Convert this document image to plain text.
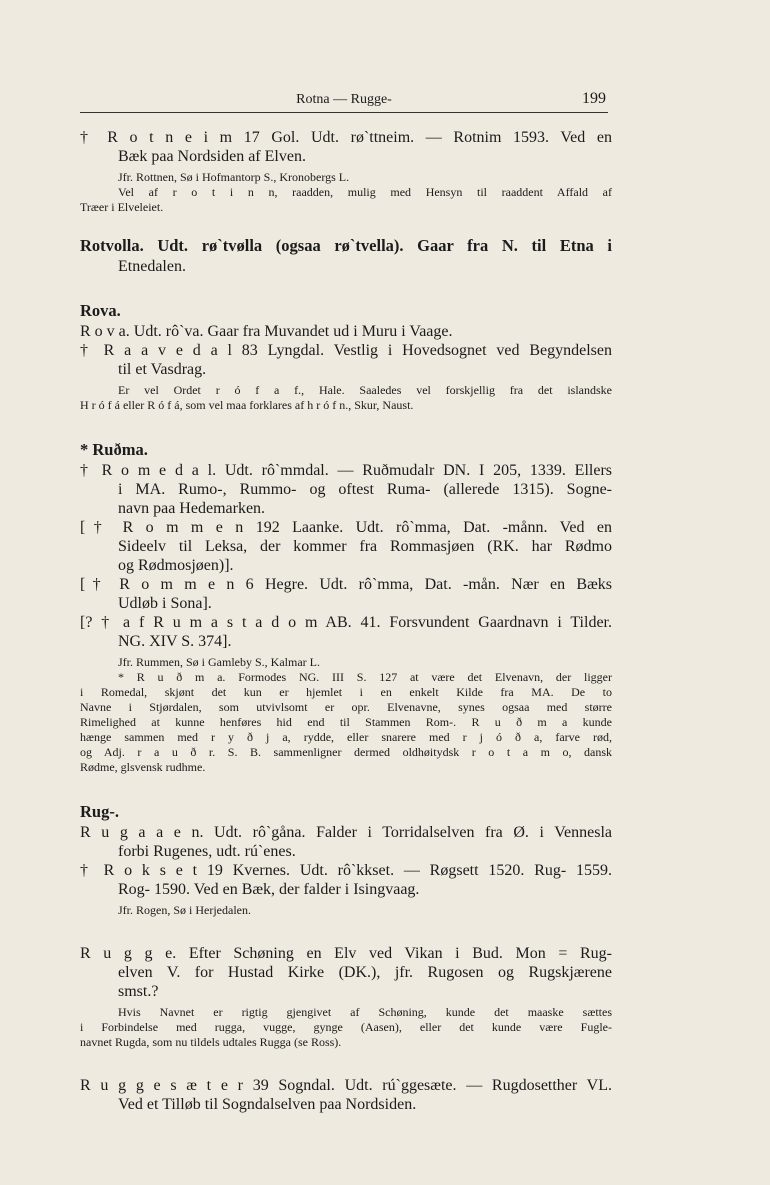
Rotna — Rugge-	199
† R o t n e i m 17 Gol. Udt. rø`ttneim. — Rotnim 1593. Ved en
Bæk paa Nordsiden af Elven.
Jfr. Rottnen, Sø i Hofmantorp S., Kronobergs L.
Vel af r o t i n n, raadden, mulig med Hensyn til raaddent Affald af
Træer i Elveleiet.
Rotvolla. Udt. rø`tvølla (ogsaa rø`tvella). Gaar fra N. til Etna i
Etnedalen.
Rova.
R o v a. Udt. rô`va. Gaar fra Muvandet ud i Muru i Vaage.
† R a a v e d a l 83 Lyngdal. Vestlig i Hovedsognet ved Begyndelsen
til et Vasdrag.
Er vel Ordet r ó f a f., Hale. Saaledes vel forskjellig fra det islandske
H r ó f á eller R ó f á, som vel maa forklares af h r ó f n., Skur, Naust.
* Ruðma.
† R o m e d a l. Udt. rô`mmdal. — Ruðmudalr DN. I 205, 1339. Ellers
i MA. Rumo-, Rummo- og oftest Ruma- (allerede 1315). Sogne-
navn paa Hedemarken.
[† R o m m e n 192 Laanke. Udt. rô`mma, Dat. -månn. Ved en
Sideelv til Leksa, der kommer fra Rommasjøen (RK. har Rødmo
og Rødmosjøen)].
[† R o m m e n 6 Hegre. Udt. rô`mma, Dat. -mån. Nær en Bæks
Udløb i Sona].
[? † a f R u m a s t a d o m AB. 41. Forsvundent Gaardnavn i Tilder.
NG. XIV S. 374].
Jfr. Rummen, Sø i Gamleby S., Kalmar L.
* R u ð m a. Formodes NG. III S. 127 at være det Elvenavn, der ligger
i Romedal, skjønt det kun er hjemlet i en enkelt Kilde fra MA. De to
Navne i Stjørdalen, som utvivlsomt er opr. Elvenavne, synes ogsaa med større
Rimelighed at kunne henføres hid end til Stammen Rom-. R u ð m a kunde
hænge sammen med r y ð j a, rydde, eller snarere med r j ó ð a, farve rød,
og Adj. r a u ð r. S. B. sammenligner dermed oldhøitydsk r o t a m o, dansk
Rødme, glsvensk rudhme.
Rug-.
R u g a a e n. Udt. rô`gåna. Falder i Torridalselven fra Ø. i Vennesla
forbi Rugenes, udt. rú`enes.
† R o k s e t 19 Kvernes. Udt. rô`kkset. — Røgsett 1520. Rug- 1559.
Rog- 1590. Ved en Bæk, der falder i Isingvaag.
Jfr. Rogen, Sø i Herjedalen.
R u g g e. Efter Schøning en Elv ved Vikan i Bud. Mon = Rug-
elven V. for Hustad Kirke (DK.), jfr. Rugosen og Rugskjærene
smst.?
Hvis Navnet er rigtig gjengivet af Schøning, kunde det maaske sættes
i Forbindelse med rugga, vugge, gynge (Aasen), eller det kunde være Fugle-
navnet Rugda, som nu tildels udtales Rugga (se Ross).
R u g g e s æ t e r 39 Sogndal. Udt. rú`ggesæte. — Rugdosetther VL.
Ved et Tilløb til Sogndalselven paa Nordsiden.
